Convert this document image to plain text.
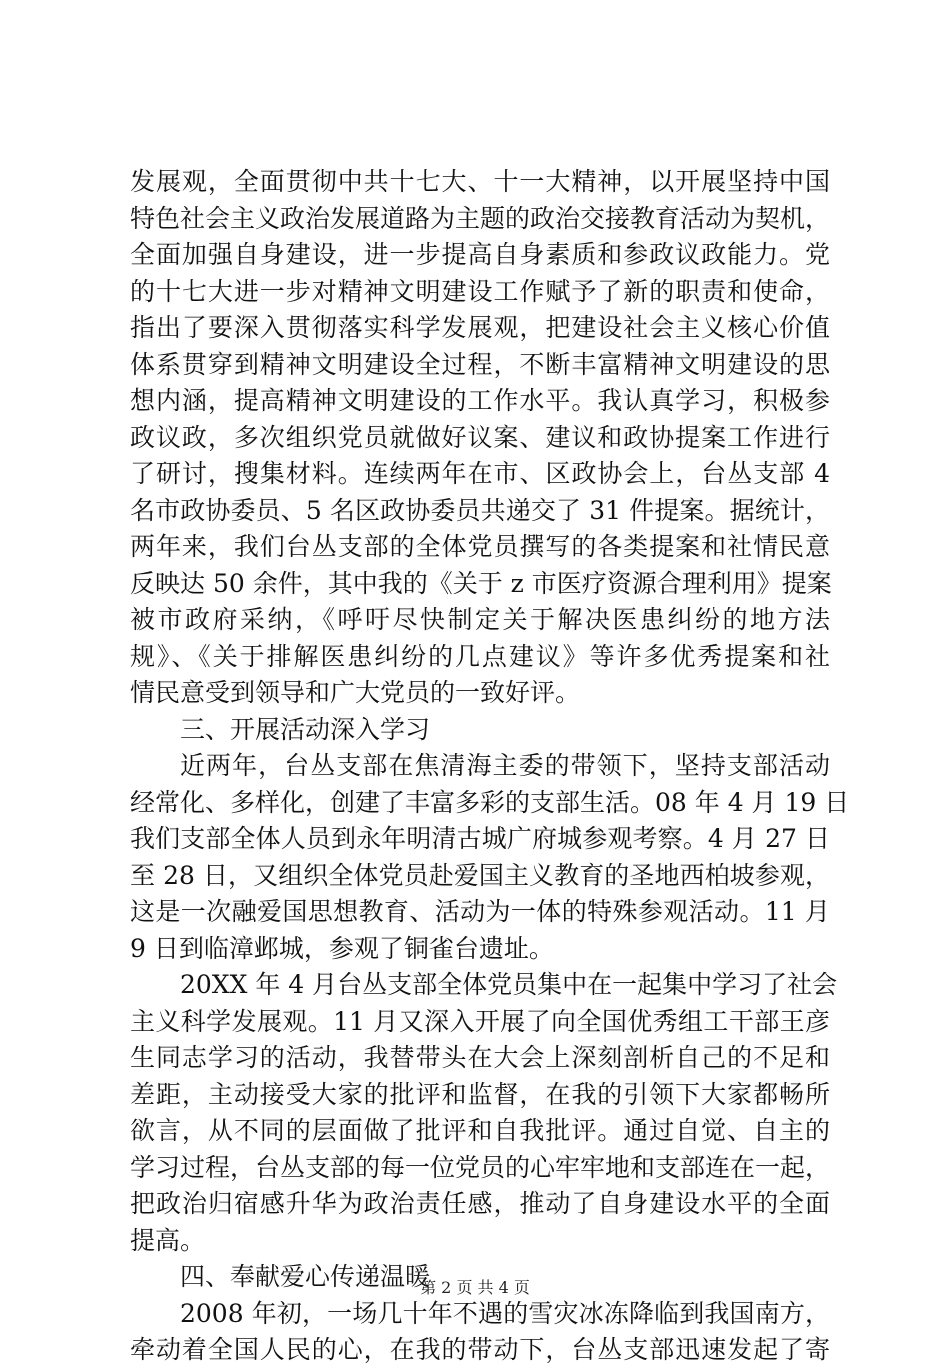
发展观，全面贯彻中共十七大、十一大精神，以开展坚持中国
特色社会主义政治发展道路为主题的政治交接教育活动为契机，
全面加强自身建设，进一步提高自身素质和参政议政能力。党
的十七大进一步对精神文明建设工作赋予了新的职责和使命，
指出了要深入贯彻落实科学发展观，把建设社会主义核心价值
体系贯穿到精神文明建设全过程，不断丰富精神文明建设的思
想内涵，提高精神文明建设的工作水平。我认真学习，积极参
政议政，多次组织党员就做好议案、建议和政协提案工作进行
了研讨，搜集材料。连续两年在市、区政协会上，台丛支部 4
名市政协委员、5 名区政协委员共递交了 31 件提案。据统计，
两年来，我们台丛支部的全体党员撰写的各类提案和社情民意
反映达 50 余件，其中我的《关于 z 市医疗资源合理利用》提案
被市政府采纳，《呼吁尽快制定关于解决医患纠纷的地方法
规》、《关于排解医患纠纷的几点建议》等许多优秀提案和社
情民意受到领导和广大党员的一致好评。
三、开展活动深入学习
近两年，台丛支部在焦清海主委的带领下，坚持支部活动
经常化、多样化，创建了丰富多彩的支部生活。08 年 4 月 19 日
我们支部全体人员到永年明清古城广府城参观考察。4 月 27 日
至 28 日，又组织全体党员赴爱国主义教育的圣地西柏坡参观，
这是一次融爱国思想教育、活动为一体的特殊参观活动。11 月
9 日到临漳邺城，参观了铜雀台遗址。
20XX 年 4 月台丛支部全体党员集中在一起集中学习了社会
主义科学发展观。11 月又深入开展了向全国优秀组工干部王彦
生同志学习的活动，我替带头在大会上深刻剖析自己的不足和
差距，主动接受大家的批评和监督，在我的引领下大家都畅所
欲言，从不同的层面做了批评和自我批评。通过自觉、自主的
学习过程，台丛支部的每一位党员的心牢牢地和支部连在一起，
把政治归宿感升华为政治责任感，推动了自身建设水平的全面
提高。
四、奉献爱心传递温暖
2008 年初，一场几十年不遇的雪灾冰冻降临到我国南方，
牵动着全国人民的心，在我的带动下，台丛支部迅速发起了寄
第 2 页 共 4 页
